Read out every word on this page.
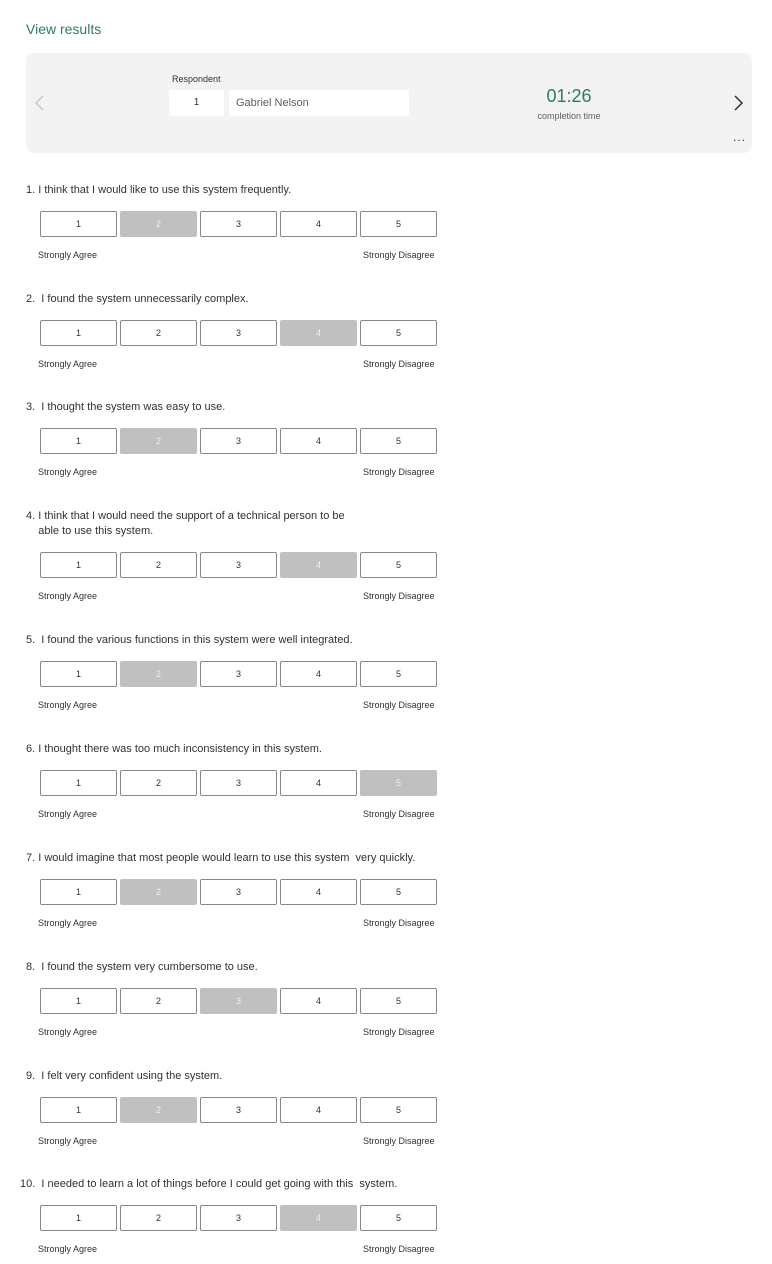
View results
Respondent
1	Gabriel Nelson	01:26
completion time
...
1. I think that I would like to use this system frequently.
1	2	3	4	5
Strongly Agree	Strongly Disagree
2.  I found the system unnecessarily complex.
1	2	3	4	5
Strongly Agree	Strongly Disagree
3.  I thought the system was easy to use.
1	2	3	4	5
Strongly Agree	Strongly Disagree
4. I think that I would need the support of a technical person to be
able to use this system.
1	2	3	4	5
Strongly Agree	Strongly Disagree
5.  I found the various functions in this system were well integrated.
1	2	3	4	5
Strongly Agree	Strongly Disagree
6. I thought there was too much inconsistency in this system.
1	2	3	4	5
Strongly Agree	Strongly Disagree
7. I would imagine that most people would learn to use this system  very quickly.
1	2	3	4	5
Strongly Agree	Strongly Disagree
8.  I found the system very cumbersome to use.
1	2	3	4	5
Strongly Agree	Strongly Disagree
9.  I felt very confident using the system.
1	2	3	4	5
Strongly Agree	Strongly Disagree
10.  I needed to learn a lot of things before I could get going with this  system.
1	2	3	4	5
Strongly Agree	Strongly Disagree
